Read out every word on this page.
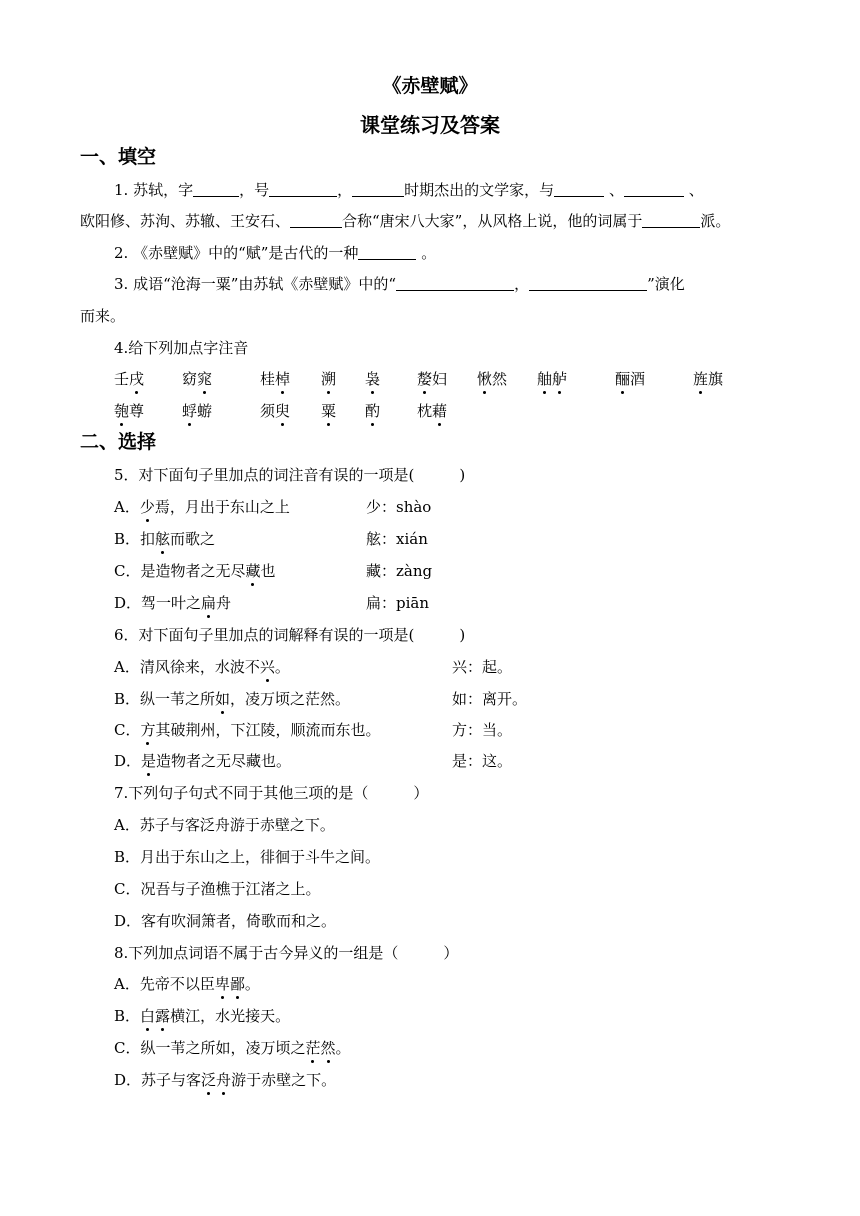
《赤壁赋》
课堂练习及答案
一、填空
1. 苏轼，字	，号	，	时期杰出的文学家，与	、	、
欧阳修、苏洵、苏辙、王安石、	合称“唐宋八大家”，从风格上说，他的词属于	派。
2. 《赤壁赋》中的“赋”是古代的一种	。
3. 成语“沧海一粟”由苏轼《赤壁赋》中的“	，	”演化
而来。
4.给下列加点字注音
壬戌	窈窕	桂棹 溯 袅 嫠妇 愀然 舳舻	酾酒	旌旗
匏尊	蜉蝣	须臾 粟 酌 枕藉
二、选择
5．对下面句子里加点的词注音有误的一项是(　　　)
A．少焉，月出于东山之上	少：shào
B．扣舷而歌之	舷：xián
C．是造物者之无尽藏也	藏：zàng
D．驾一叶之扁舟	扁：piān
6．对下面句子里加点的词解释有误的一项是(　　　)
A．清风徐来，水波不兴。	兴：起。
B．纵一苇之所如，凌万顷之茫然。	如：离开。
C．方其破荆州，下江陵，顺流而东也。	方：当。
D．是造物者之无尽藏也。	是：这。
7.下列句子句式不同于其他三项的是（　　　）
A．苏子与客泛舟游于赤壁之下。
B．月出于东山之上，徘徊于斗牛之间。
C．况吾与子渔樵于江渚之上。
D．客有吹洞箫者，倚歌而和之。
8.下列加点词语不属于古今异义的一组是（　　　）
A．先帝不以臣卑鄙。
B．白露横江，水光接天。
C．纵一苇之所如，凌万顷之茫然。
D．苏子与客泛舟游于赤壁之下。
